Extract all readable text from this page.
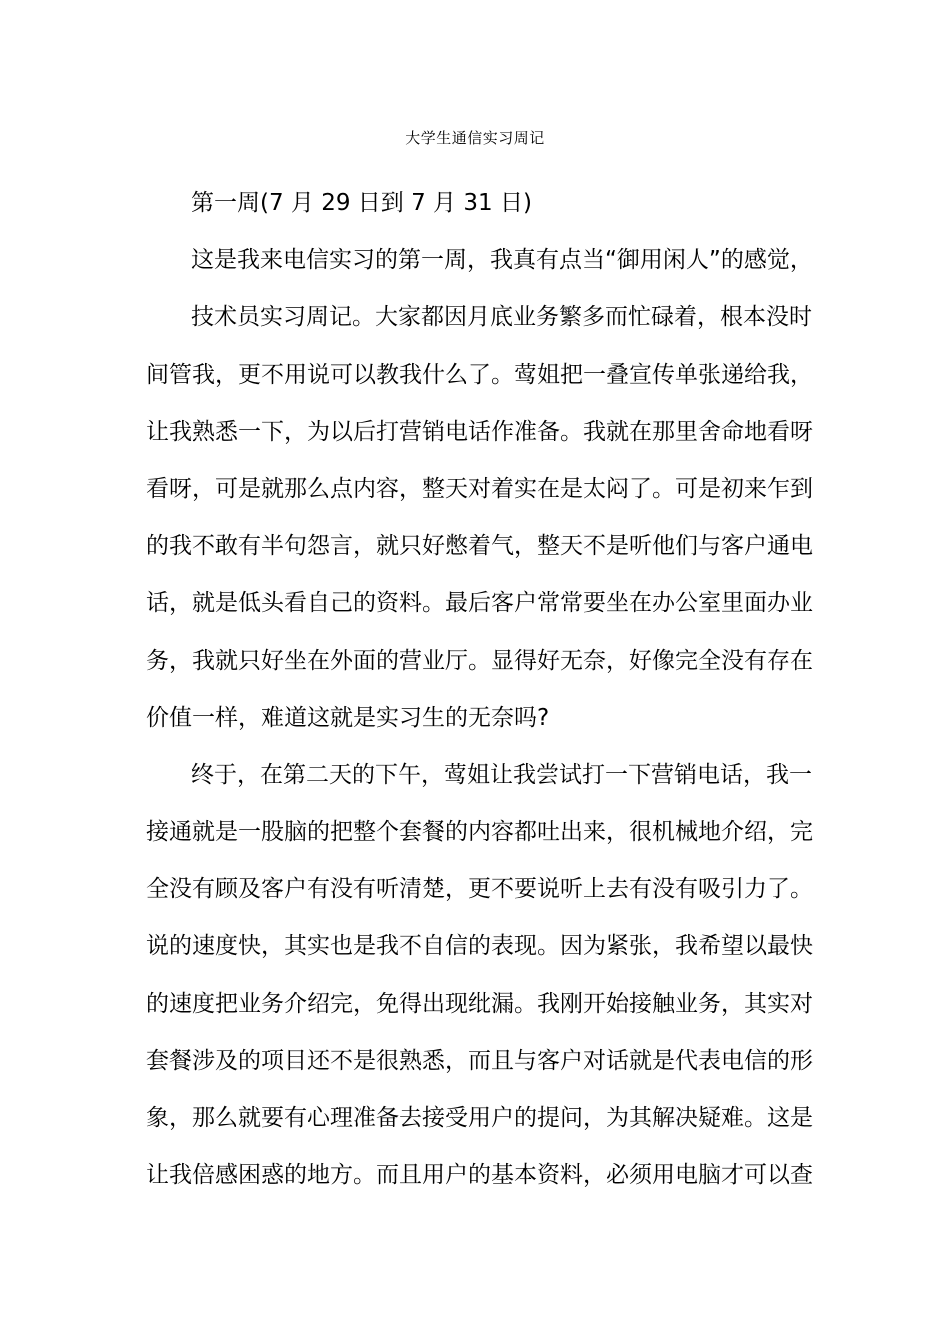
大学生通信实习周记
第一周(7 月 29 日到 7 月 31 日)
这是我来电信实习的第一周，我真有点当“御用闲人”的感觉，
技术员实习周记。大家都因月底业务繁多而忙碌着，根本没时
间管我，更不用说可以教我什么了。莺姐把一叠宣传单张递给我，
让我熟悉一下，为以后打营销电话作准备。我就在那里舍命地看呀
看呀，可是就那么点内容，整天对着实在是太闷了。可是初来乍到
的我不敢有半句怨言，就只好憋着气，整天不是听他们与客户通电
话，就是低头看自己的资料。最后客户常常要坐在办公室里面办业
务，我就只好坐在外面的营业厅。显得好无奈，好像完全没有存在
价值一样，难道这就是实习生的无奈吗?
终于，在第二天的下午，莺姐让我尝试打一下营销电话，我一
接通就是一股脑的把整个套餐的内容都吐出来，很机械地介绍，完
全没有顾及客户有没有听清楚，更不要说听上去有没有吸引力了。
说的速度快，其实也是我不自信的表现。因为紧张，我希望以最快
的速度把业务介绍完，免得出现纰漏。我刚开始接触业务，其实对
套餐涉及的项目还不是很熟悉，而且与客户对话就是代表电信的形
象，那么就要有心理准备去接受用户的提问，为其解决疑难。这是
让我倍感困惑的地方。而且用户的基本资料，必须用电脑才可以查
